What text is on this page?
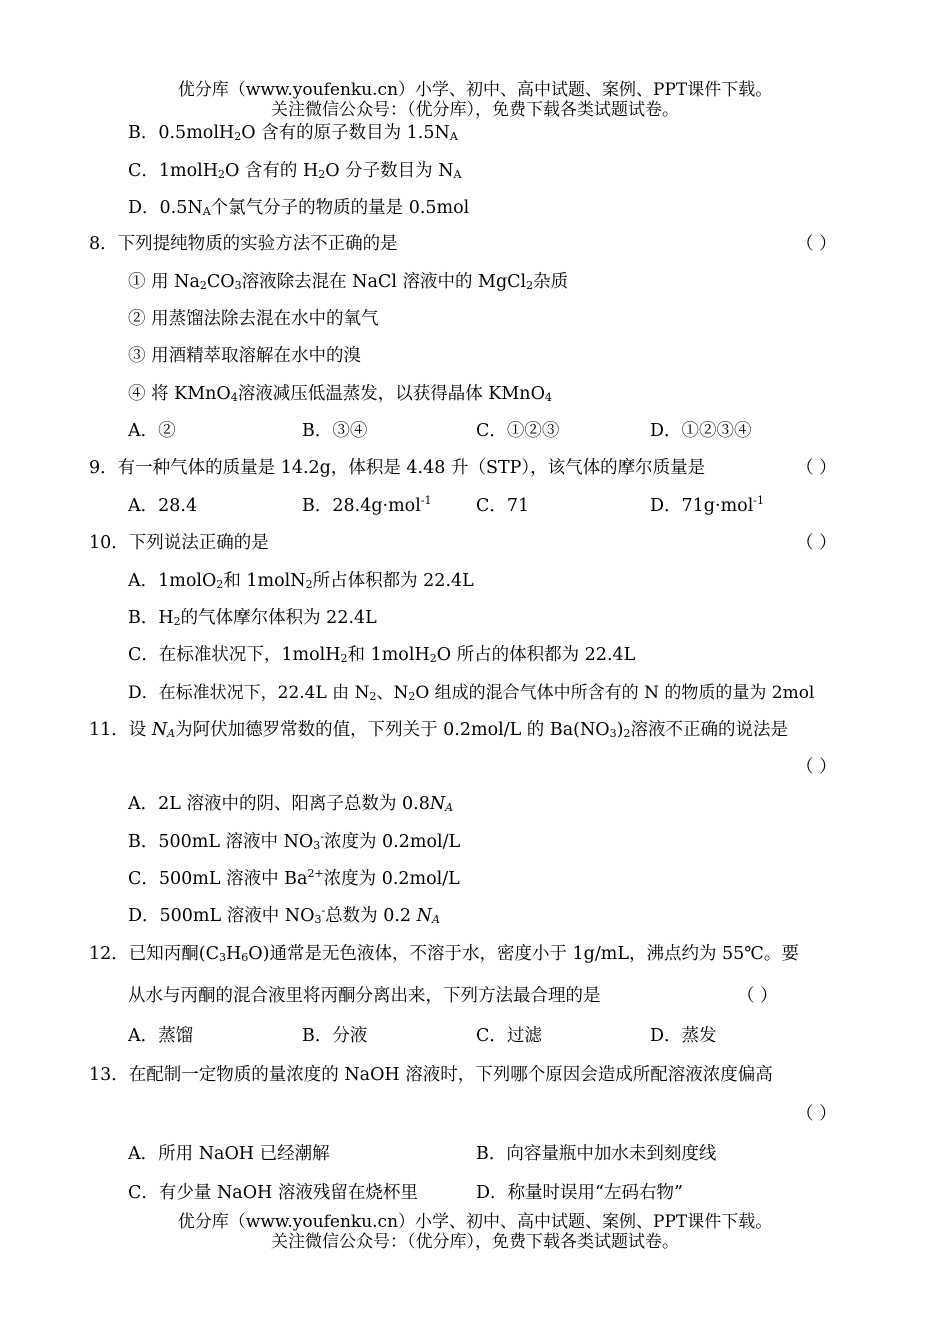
优分库（www.youfenku.cn）小学、初中、高中试题、案例、PPT课件下载。
关注微信公众号：（优分库），免费下载各类试题试卷。
B．0.5molH$_2$O 含有的原子数目为 $1.5N_A$
C．1molH$_2$O 含有的 $H_2O$ 分子数目为 $N_A$
D．$0.5N_A$个氯气分子的物质的量是 0.5mol
8．下列提纯物质的实验方法不正确的是	（ ）
① 用 $Na_2CO_3$溶液除去混在 NaCl 溶液中的 MgCl$_2$杂质
② 用蒸馏法除去混在水中的氧气
③ 用酒精萃取溶解在水中的溴
④ 将 KMnO$_4$溶液减压低温蒸发，以获得晶体 KMnO$_4$
A．②	B．③④	C．①②③	D．①②③④
9．有一种气体的质量是 14.2g，体积是 4.48 升（STP），该气体的摩尔质量是	（ ）
A．28.4	B．28.4g·mol$^{-1}$	C．71	D．71g·mol$^{-1}$
10．下列说法正确的是	（ ）
A．1molO$_2$和 1molN$_2$所占体积都为 22.4L
B．$H_2$的气体摩尔体积为 22.4L
C．在标准状况下，1molH$_2$和 1molH$_2$O 所占的体积都为 22.4L
D．在标准状况下，22.4L 由 $N_2$、$N_2O$ 组成的混合气体中所含有的 N 的物质的量为 2mol
11．设 $N_A$为阿伏加德罗常数的值，下列关于 0.2mol/L 的 $Ba(NO_3)_2$溶液不正确的说法是
（ ）
A．2L 溶液中的阴、阳离子总数为 $0.8N_A$
B．500mL 溶液中 $NO_3^-$浓度为 0.2mol/L
C．500mL 溶液中 $Ba^{2+}$浓度为 0.2mol/L
D．500mL 溶液中 $NO_3^-$总数为 0.2 $N_A$
12．已知丙酮$(C_3H_6O)$通常是无色液体，不溶于水，密度小于 1g/mL，沸点约为 55℃。要
从水与丙酮的混合液里将丙酮分离出来，下列方法最合理的是	（ ）
A．蒸馏	B．分液	C．过滤	D．蒸发
13．在配制一定物质的量浓度的 NaOH 溶液时，下列哪个原因会造成所配溶液浓度偏高
（ ）
A．所用 NaOH 已经潮解	B．向容量瓶中加水未到刻度线
C．有少量 NaOH 溶液残留在烧杯里	D．称量时误用“左码右物”
优分库（www.youfenku.cn）小学、初中、高中试题、案例、PPT课件下载。
关注微信公众号：（优分库），免费下载各类试题试卷。
